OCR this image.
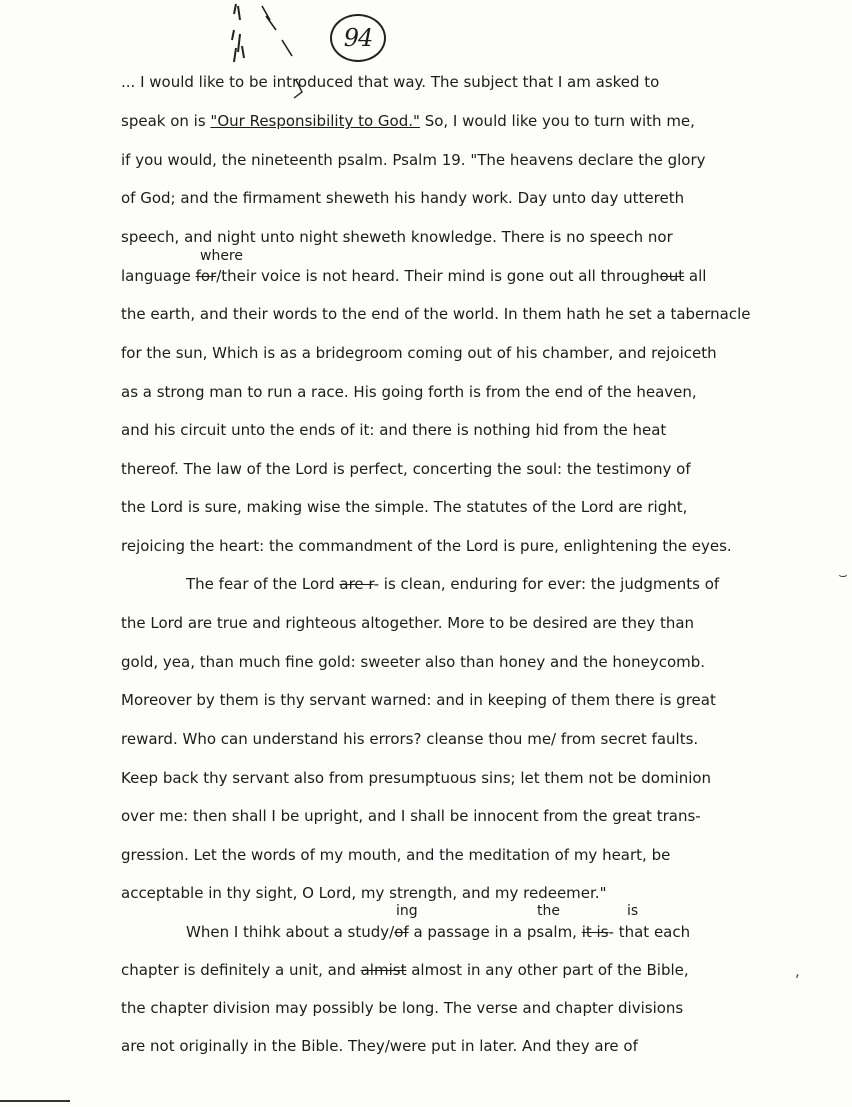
94
... I would like to be introduced that way. The subject that I am asked to
speak on is "Our Responsibility to God." So, I would like you to turn with me,
if you would, the nineteenth psalm. Psalm 19. "The heavens declare the glory
of God; and the firmament sheweth his handy work. Day unto day uttereth
speech, and night unto night sheweth knowledge. There is no speech nor
where
language for/their voice is not heard. Their mind is gone out all throughout all
the earth, and their words to the end of the world. In them hath he set a tabernacle
for the sun, Which is as a bridegroom coming out of his chamber, and rejoiceth
as a strong man to run a race. His going forth is from the end of the heaven,
and his circuit unto the ends of it: and there is nothing hid from the heat
thereof. The law of the Lord is perfect, concerting the soul: the testimony of
the Lord is sure, making wise the simple. The statutes of the Lord are right,
rejoicing the heart: the commandment of the Lord is pure, enlightening the eyes.
The fear of the Lord are r- is clean, enduring for ever: the judgments of	⌣
the Lord are true and righteous altogether. More to be desired are they than
gold, yea, than much fine gold: sweeter also than honey and the honeycomb.
Moreover by them is thy servant warned: and in keeping of them there is great
reward. Who can understand his errors? cleanse thou me/ from secret faults.
Keep back thy servant also from presumptuous sins; let them not be dominion
over me: then shall I be upright, and I shall be innocent from the great trans-
gression. Let the words of my mouth, and the meditation of my heart, be
acceptable in thy sight, O Lord, my strength, and my redeemer."
ing	the	is
When I thihk about a study/of a passage in a psalm, it is- that each
chapter is definitely a unit, and almist almost in any other part of the Bible,	,
the chapter division may possibly be long. The verse and chapter divisions
are not originally in the Bible. They/were put in later. And they are of
